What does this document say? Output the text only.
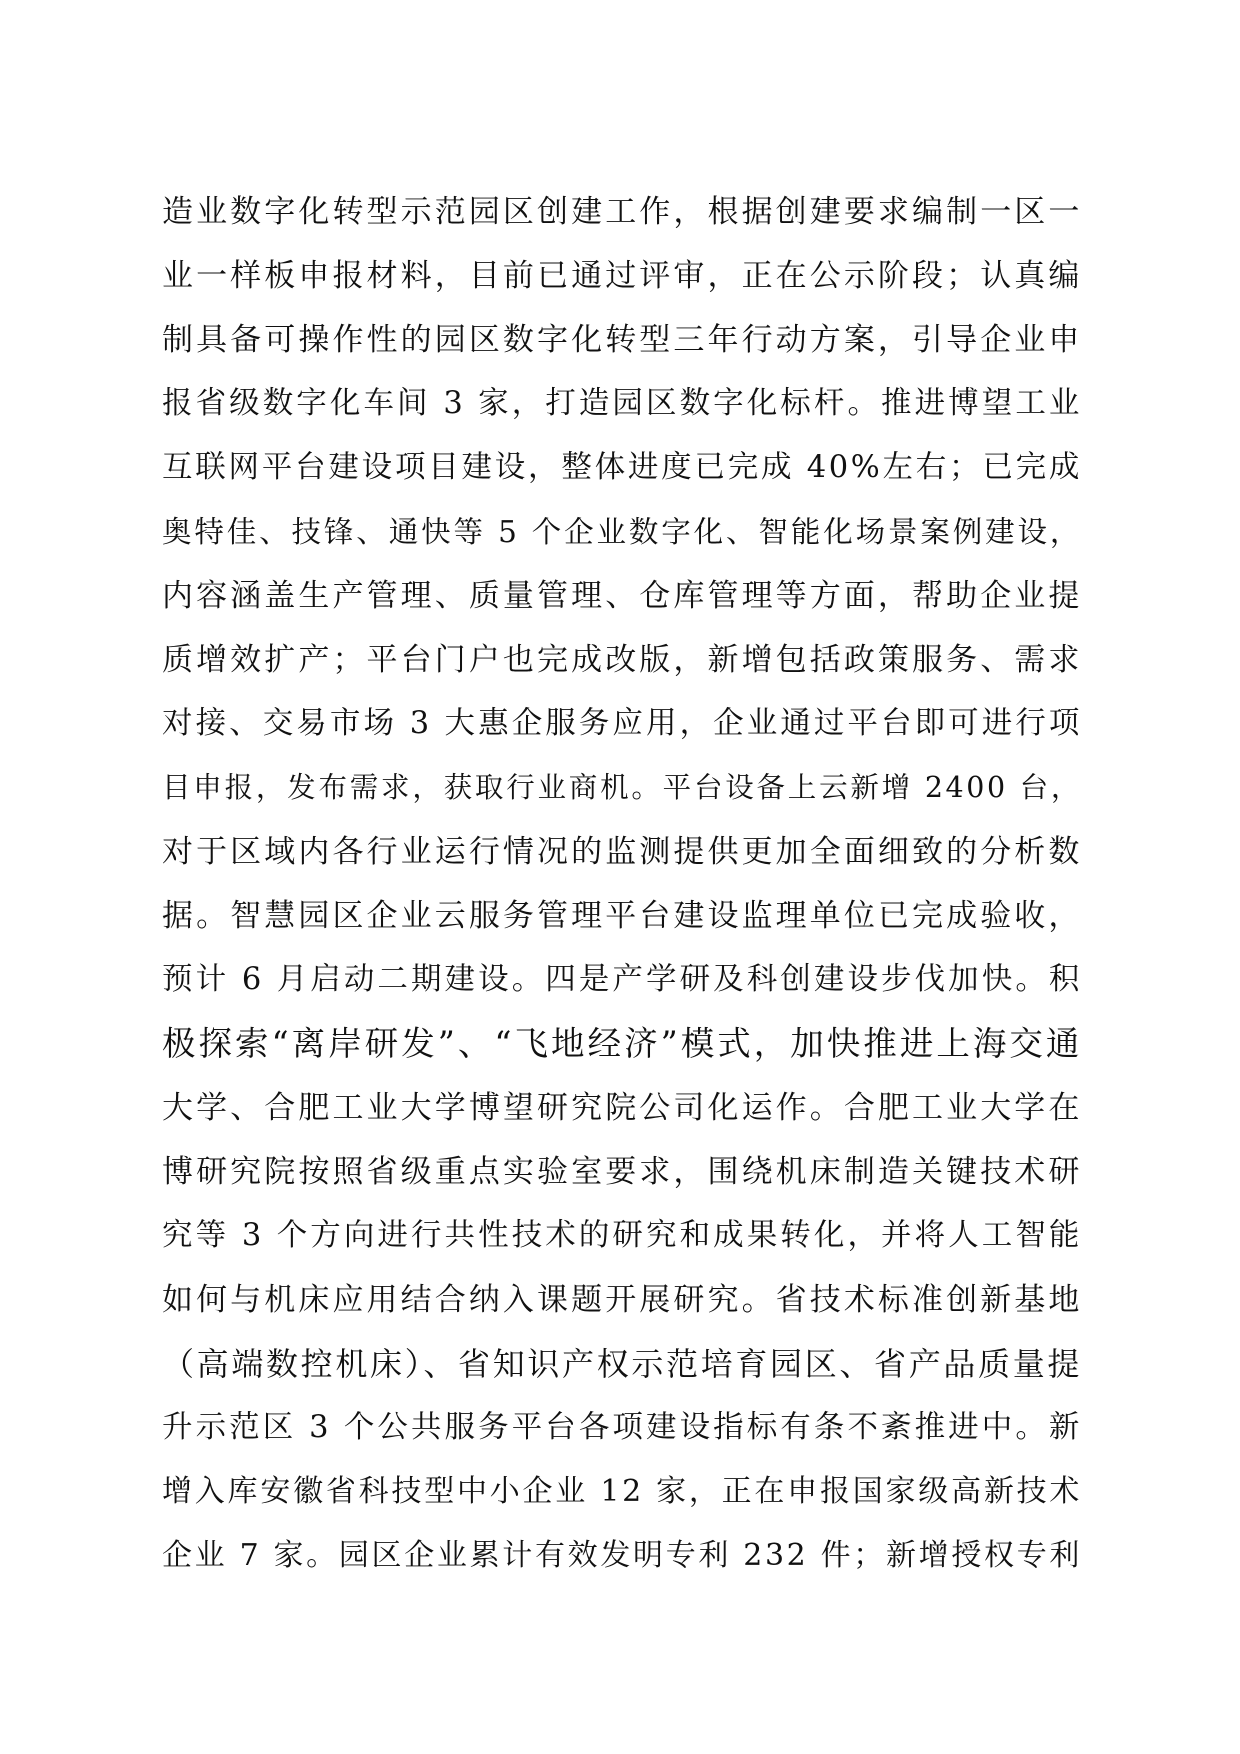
造业数字化转型示范园区创建工作，根据创建要求编制一区一
业一样板申报材料，目前已通过评审，正在公示阶段；认真编
制具备可操作性的园区数字化转型三年行动方案，引导企业申
报省级数字化车间 3 家，打造园区数字化标杆。推进博望工业
互联网平台建设项目建设，整体进度已完成 40%左右；已完成
奥特佳、技锋、通快等 5 个企业数字化、智能化场景案例建设，
内容涵盖生产管理、质量管理、仓库管理等方面，帮助企业提
质增效扩产；平台门户也完成改版，新增包括政策服务、需求
对接、交易市场 3 大惠企服务应用，企业通过平台即可进行项
目申报，发布需求，获取行业商机。平台设备上云新增 2400 台，
对于区域内各行业运行情况的监测提供更加全面细致的分析数
据。智慧园区企业云服务管理平台建设监理单位已完成验收，
预计 6 月启动二期建设。四是产学研及科创建设步伐加快。积
极探索“离岸研发”、“飞地经济”模式，加快推进上海交通
大学、合肥工业大学博望研究院公司化运作。合肥工业大学在
博研究院按照省级重点实验室要求，围绕机床制造关键技术研
究等 3 个方向进行共性技术的研究和成果转化，并将人工智能
如何与机床应用结合纳入课题开展研究。省技术标准创新基地
（高端数控机床）、省知识产权示范培育园区、省产品质量提
升示范区 3 个公共服务平台各项建设指标有条不紊推进中。新
增入库安徽省科技型中小企业 12 家，正在申报国家级高新技术
企业 7 家。园区企业累计有效发明专利 232 件；新增授权专利
